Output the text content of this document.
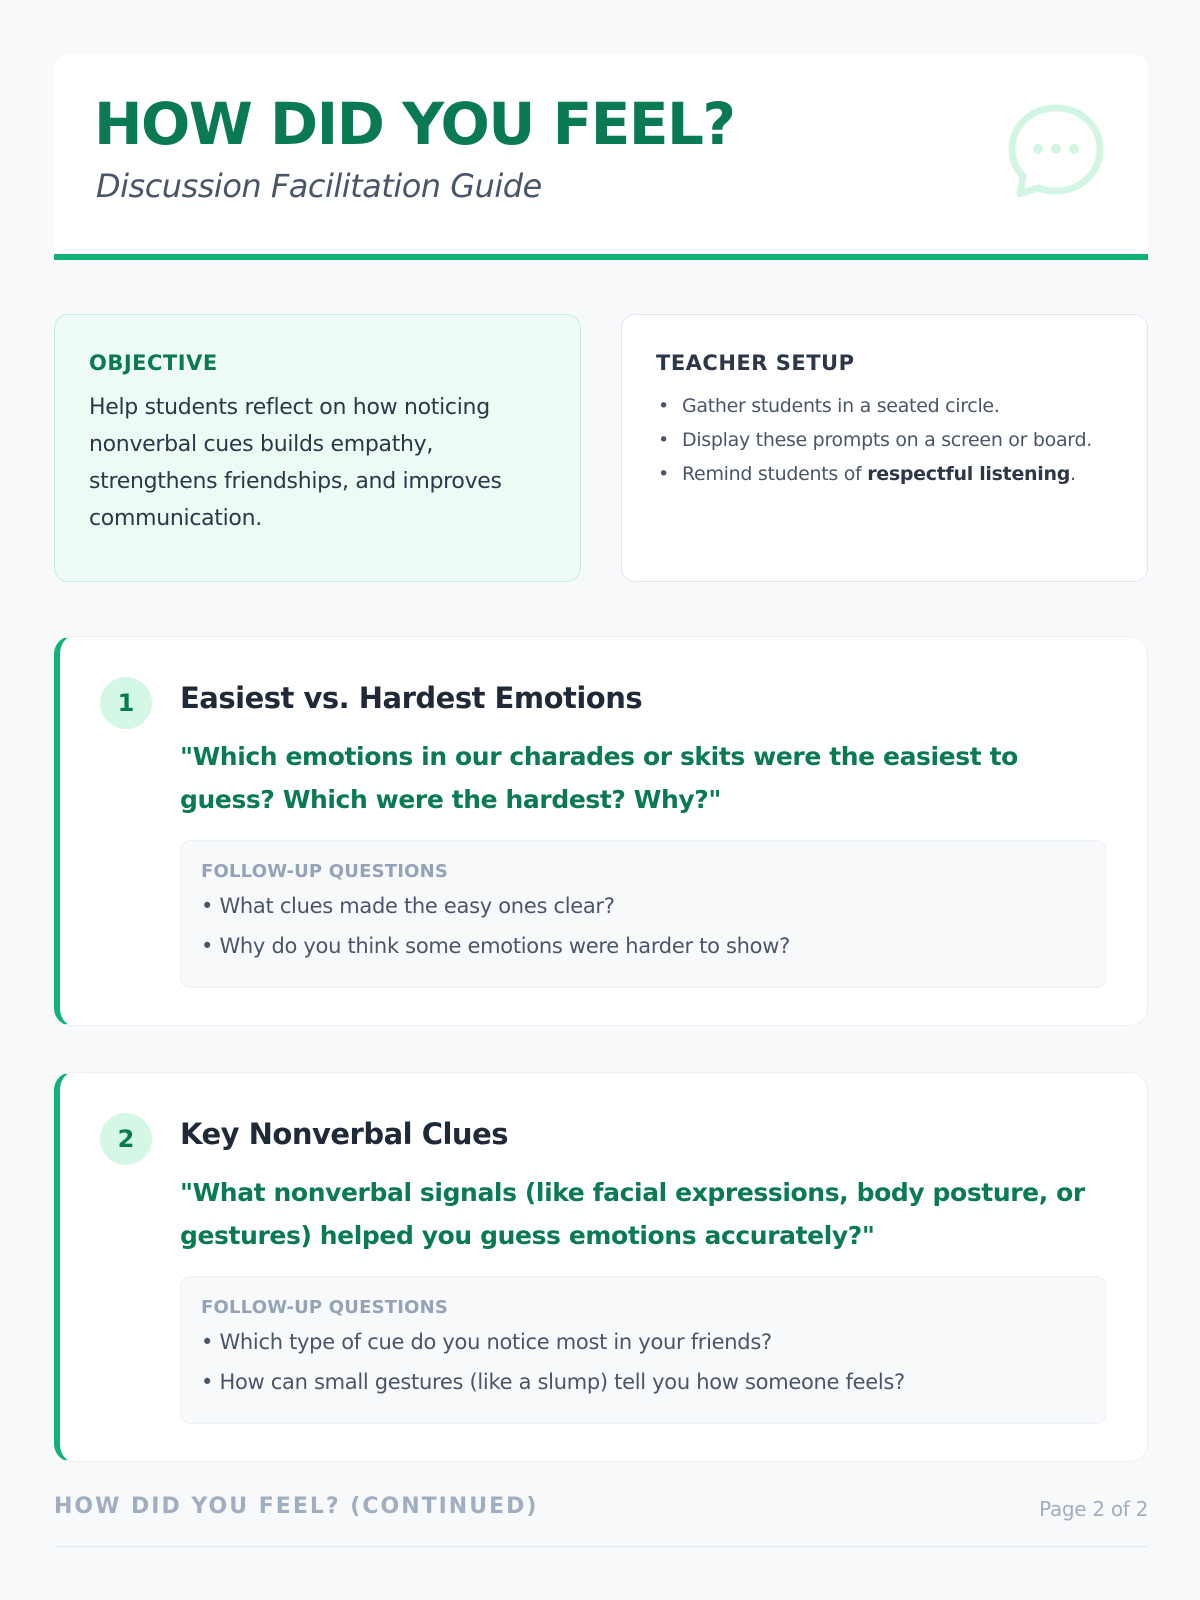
HOW DID YOU FEEL?

Discussion Facilitation Guide

OBJECTIVE

Help students reflect on how noticing nonverbal cues builds empathy, strengthens friendships, and improves communication.

TEACHER SETUP
• Gather students in a seated circle.
• Display these prompts on a screen or board.
• Remind students of respectful listening.
1	Easiest vs. Hardest Emotions

"Which emotions in our charades or skits were the easiest to guess? Which were the hardest? Why?"

FOLLOW-UP QUESTIONS

• What clues made the easy ones clear?

• Why do you think some emotions were harder to show?

2	Key Nonverbal Clues

"What nonverbal signals (like facial expressions, body posture, or gestures) helped you guess emotions accurately?"

FOLLOW-UP QUESTIONS

• Which type of cue do you notice most in your friends?

• How can small gestures (like a slump) tell you how someone feels?

HOW DID YOU FEEL? (CONTINUED)	Page 2 of 2
